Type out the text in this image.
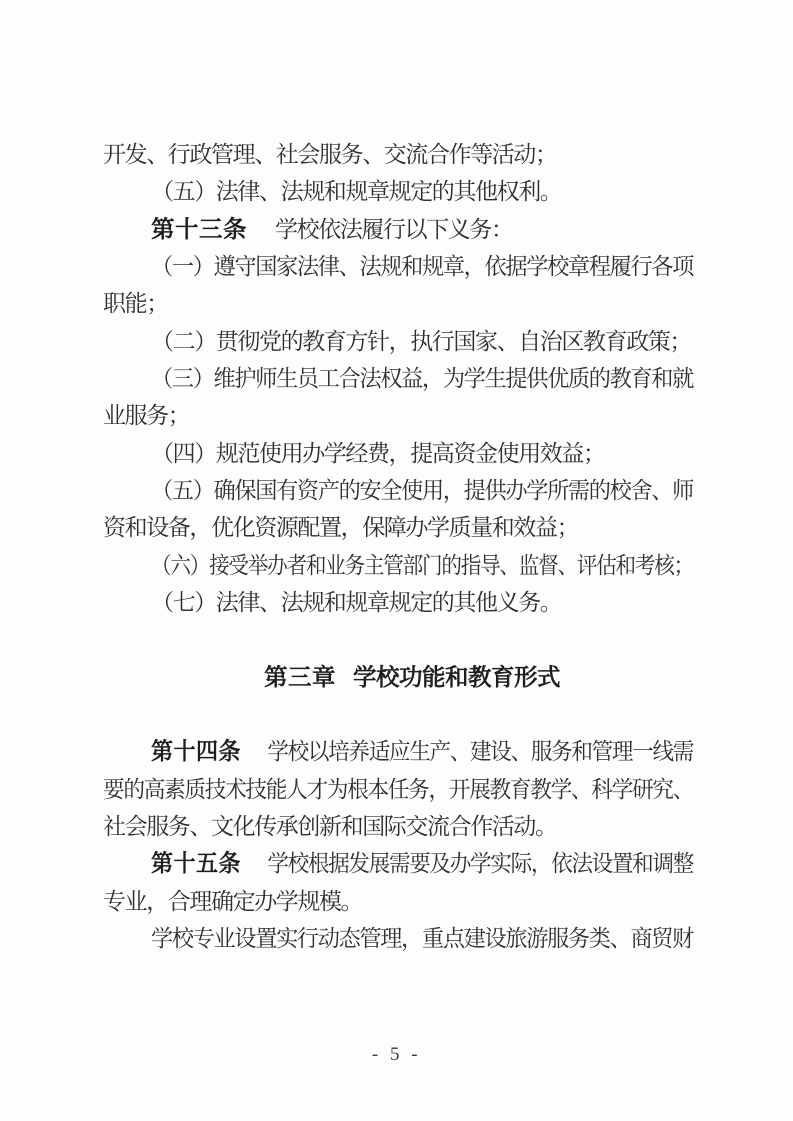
开发、行政管理、社会服务、交流合作等活动；
（五）法律、法规和规章规定的其他权利。
第十三条 学校依法履行以下义务：
（一）遵守国家法律、法规和规章，依据学校章程履行各项
职能；
（二）贯彻党的教育方针，执行国家、自治区教育政策；
（三）维护师生员工合法权益，为学生提供优质的教育和就
业服务；
（四）规范使用办学经费，提高资金使用效益；
（五）确保国有资产的安全使用，提供办学所需的校舍、师
资和设备，优化资源配置，保障办学质量和效益；
（六）接受举办者和业务主管部门的指导、监督、评估和考核；
（七）法律、法规和规章规定的其他义务。
第三章 学校功能和教育形式
第十四条 学校以培养适应生产、建设、服务和管理一线需
要的高素质技术技能人才为根本任务，开展教育教学、科学研究、
社会服务、文化传承创新和国际交流合作活动。
第十五条 学校根据发展需要及办学实际，依法设置和调整
专业，合理确定办学规模。
学校专业设置实行动态管理，重点建设旅游服务类、商贸财
- 5 -
